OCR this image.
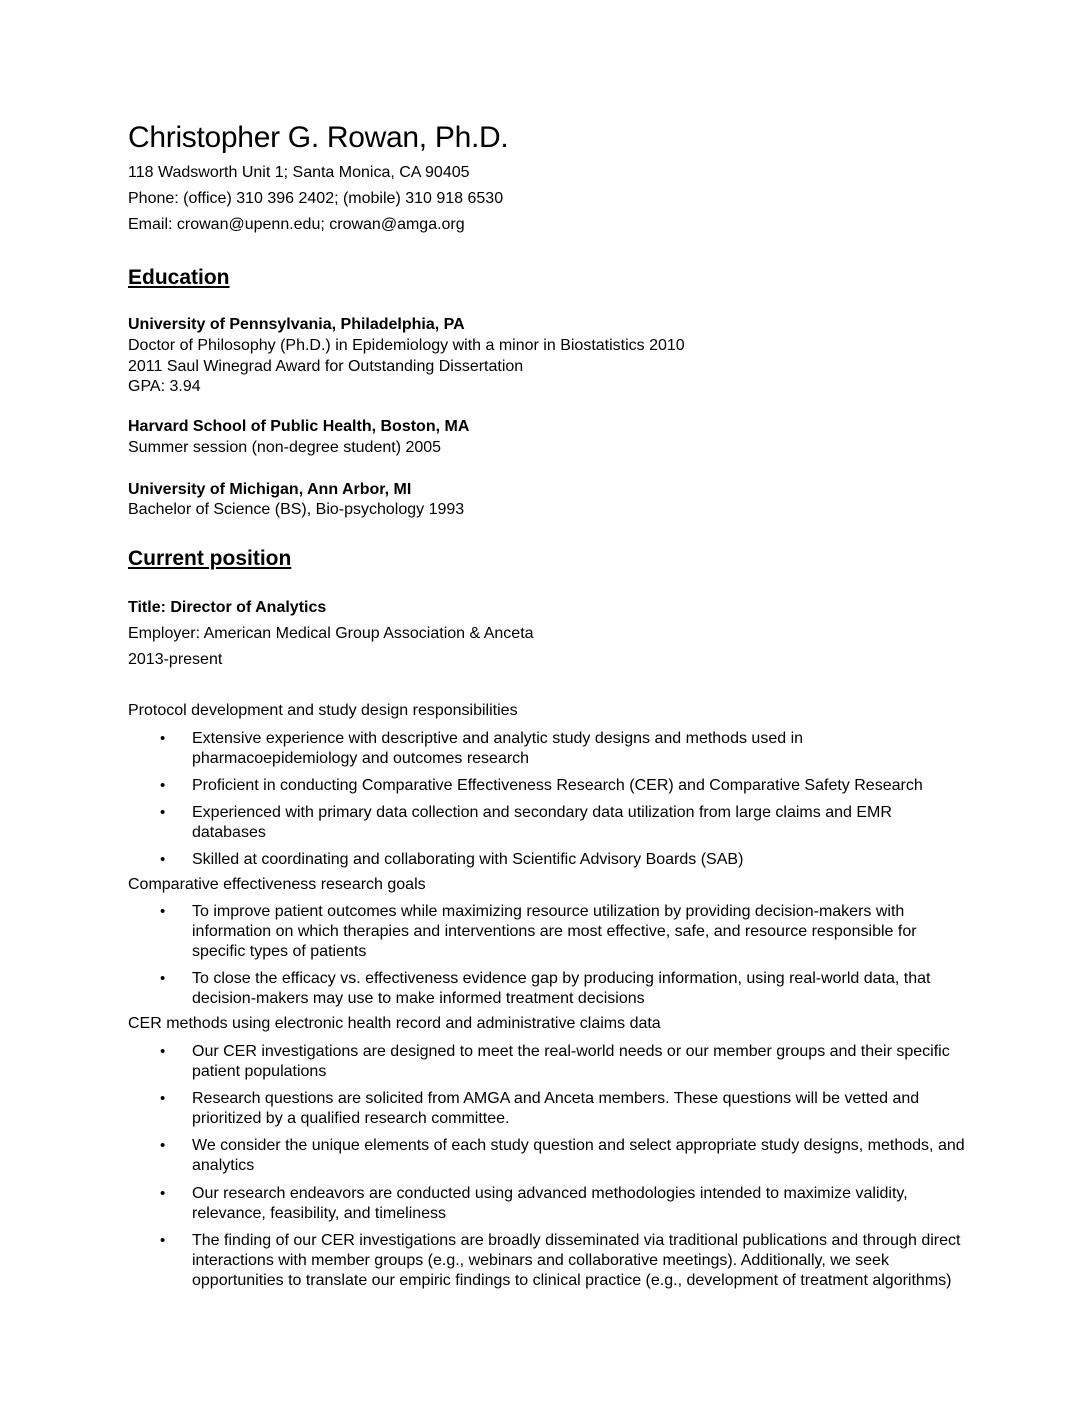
Christopher G. Rowan, Ph.D.
118 Wadsworth Unit 1; Santa Monica, CA 90405
Phone: (office) 310 396 2402; (mobile) 310 918 6530
Email: crowan@upenn.edu; crowan@amga.org
Education
University of Pennsylvania, Philadelphia, PA
Doctor of Philosophy (Ph.D.) in Epidemiology with a minor in Biostatistics 2010
2011 Saul Winegrad Award for Outstanding Dissertation
GPA: 3.94
Harvard School of Public Health, Boston, MA
Summer session (non-degree student) 2005
University of Michigan, Ann Arbor, MI
Bachelor of Science (BS), Bio-psychology 1993
Current position
Title: Director of Analytics
Employer: American Medical Group Association & Anceta
2013-present
Protocol development and study design responsibilities
• Extensive experience with descriptive and analytic study designs and methods used in pharmacoepidemiology and outcomes research
• Proficient in conducting Comparative Effectiveness Research (CER) and Comparative Safety Research
• Experienced with primary data collection and secondary data utilization from large claims and EMR databases
• Skilled at coordinating and collaborating with Scientific Advisory Boards (SAB)
Comparative effectiveness research goals
• To improve patient outcomes while maximizing resource utilization by providing decision-makers with information on which therapies and interventions are most effective, safe, and resource responsible for specific types of patients
• To close the efficacy vs. effectiveness evidence gap by producing information, using real-world data, that decision-makers may use to make informed treatment decisions
CER methods using electronic health record and administrative claims data
• Our CER investigations are designed to meet the real-world needs or our member groups and their specific patient populations
• Research questions are solicited from AMGA and Anceta members. These questions will be vetted and prioritized by a qualified research committee.
• We consider the unique elements of each study question and select appropriate study designs, methods, and analytics
• Our research endeavors are conducted using advanced methodologies intended to maximize validity, relevance, feasibility, and timeliness
• The finding of our CER investigations are broadly disseminated via traditional publications and through direct interactions with member groups (e.g., webinars and collaborative meetings). Additionally, we seek opportunities to translate our empiric findings to clinical practice (e.g., development of treatment algorithms)
